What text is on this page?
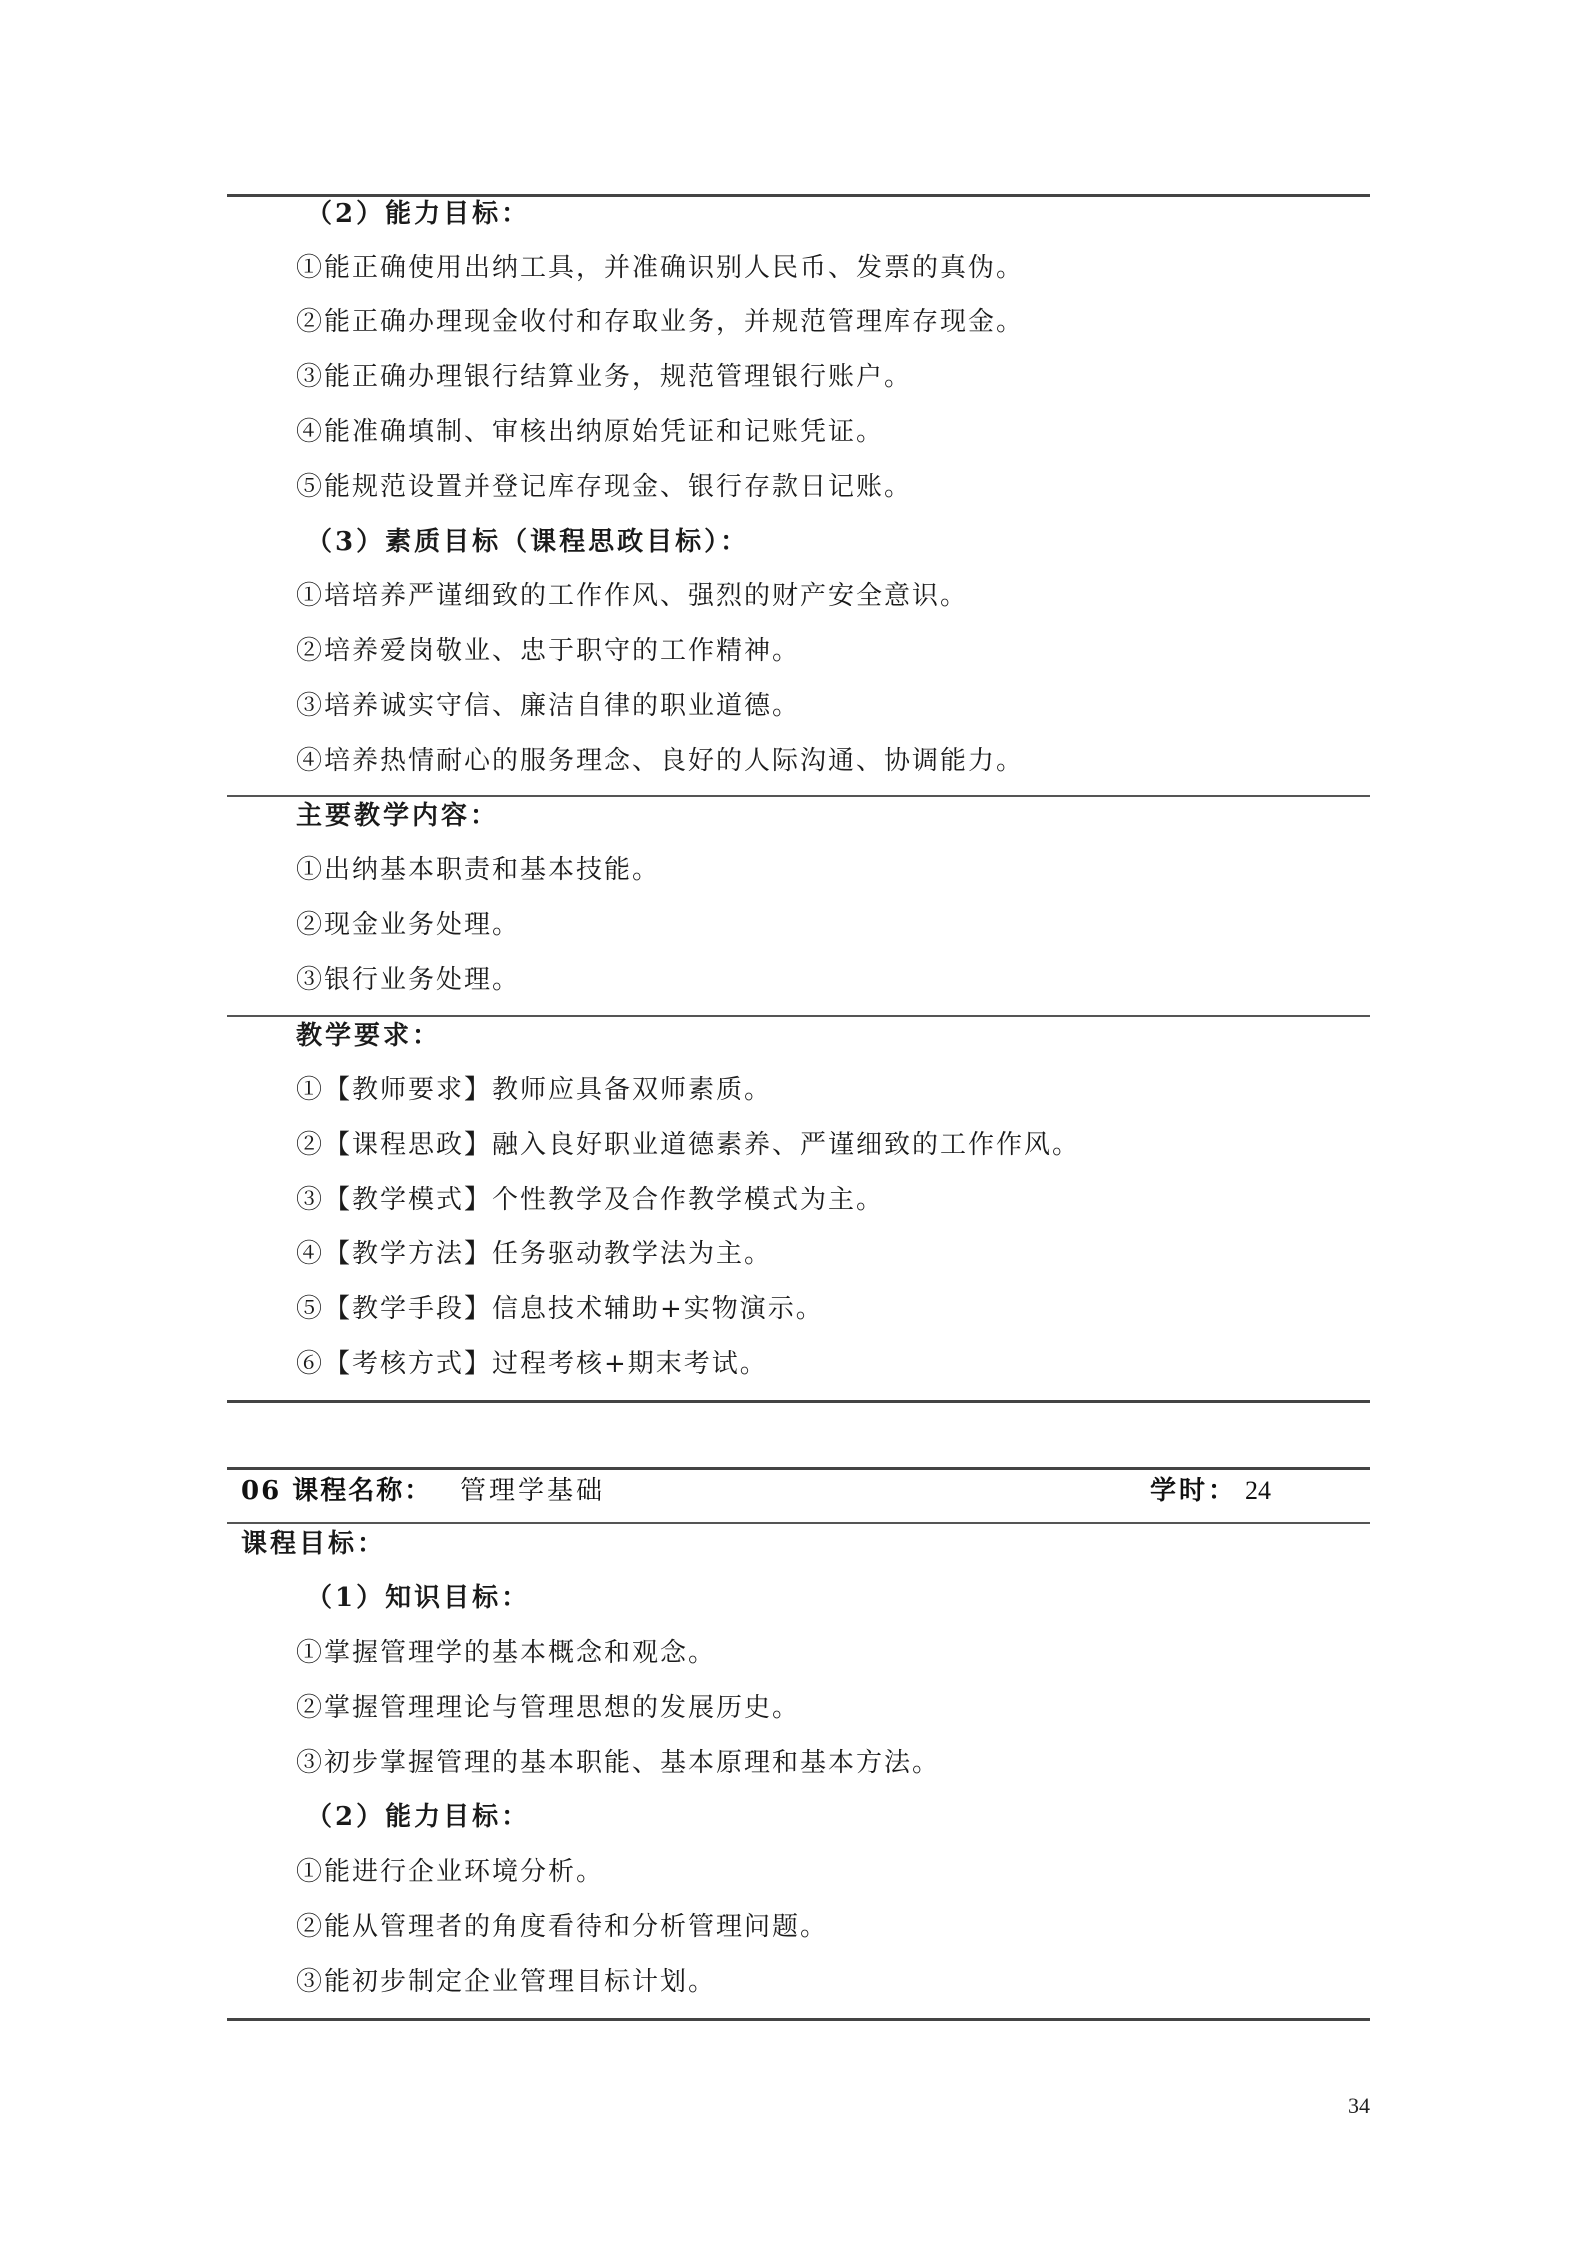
（2）能力目标：
①能正确使用出纳工具，并准确识别人民币、发票的真伪。
②能正确办理现金收付和存取业务，并规范管理库存现金。
③能正确办理银行结算业务，规范管理银行账户。
④能准确填制、审核出纳原始凭证和记账凭证。
⑤能规范设置并登记库存现金、银行存款日记账。
（3）素质目标（课程思政目标）：
①培培养严谨细致的工作作风、强烈的财产安全意识。
②培养爱岗敬业、忠于职守的工作精神。
③培养诚实守信、廉洁自律的职业道德。
④培养热情耐心的服务理念、良好的人际沟通、协调能力。
主要教学内容：
①出纳基本职责和基本技能。
②现金业务处理。
③银行业务处理。
教学要求：
①【教师要求】教师应具备双师素质。
②【课程思政】融入良好职业道德素养、严谨细致的工作作风。
③【教学模式】个性教学及合作教学模式为主。
④【教学方法】任务驱动教学法为主。
⑤【教学手段】信息技术辅助+实物演示。
⑥【考核方式】过程考核+期末考试。
06 课程名称： 管理学基础	学时： 24
课程目标：
（1）知识目标：
①掌握管理学的基本概念和观念。
②掌握管理理论与管理思想的发展历史。
③初步掌握管理的基本职能、基本原理和基本方法。
（2）能力目标：
①能进行企业环境分析。
②能从管理者的角度看待和分析管理问题。
③能初步制定企业管理目标计划。
34
